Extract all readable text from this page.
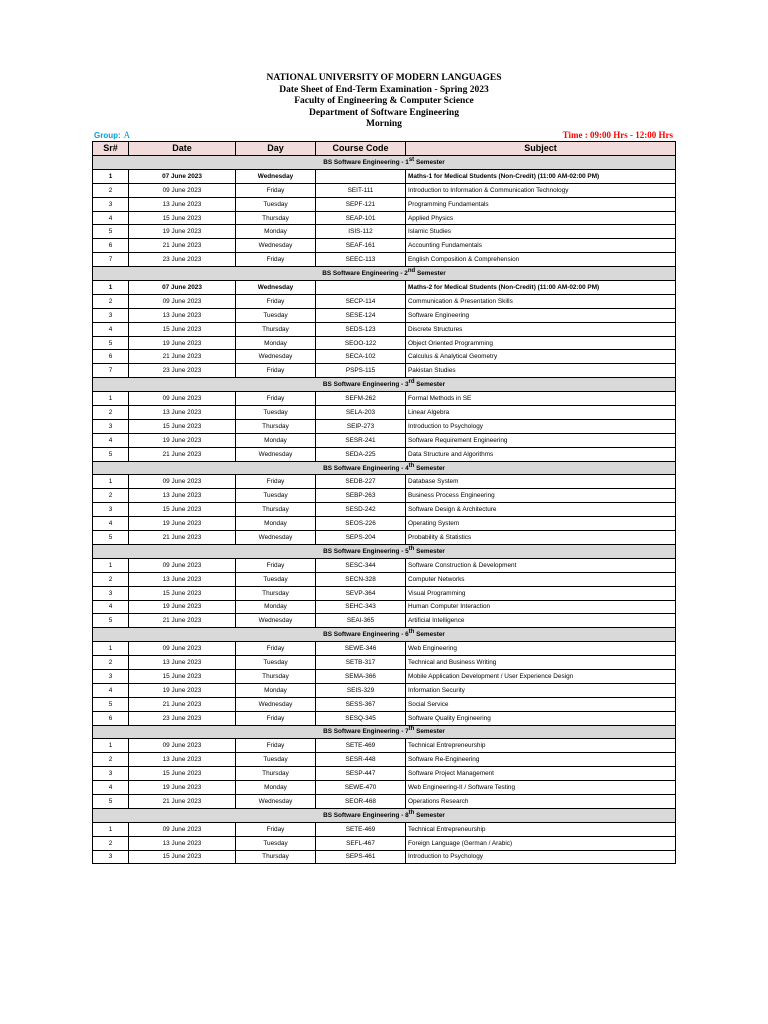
NATIONAL UNIVERSITY OF MODERN LANGUAGES
Date Sheet of End-Term Examination - Spring 2023
Faculty of Engineering & Computer Science
Department of Software Engineering
Morning
Group: A	Time : 09:00 Hrs - 12:00 Hrs
Sr#	Date	Day	Course Code	Subject
BS Software Engineering - 1st Semester				
1	07 June 2023	Wednesday		Maths-1 for Medical Students (Non-Credit) (11:00 AM-02:00 PM)
2	09 June 2023	Friday	SEIT-111	Introduction to Information & Communication Technology
3	13 June 2023	Tuesday	SEPF-121	Programming Fundamentals
4	15 June 2023	Thursday	SEAP-101	Applied Physics
5	19 June 2023	Monday	ISIS-112	Islamic Studies
6	21 June 2023	Wednesday	SEAF-161	Accounting Fundamentals
7	23 June 2023	Friday	SEEC-113	English Composition & Comprehension
BS Software Engineering - 2nd Semester				
1	07 June 2023	Wednesday		Maths-2 for Medical Students (Non-Credit) (11:00 AM-02:00 PM)
2	09 June 2023	Friday	SECP-114	Communication & Presentation Skills
3	13 June 2023	Tuesday	SESE-124	Software Engineering
4	15 June 2023	Thursday	SEDS-123	Discrete Structures
5	19 June 2023	Monday	SEOO-122	Object Oriented Programming
6	21 June 2023	Wednesday	SECA-102	Calculus & Analytical Geometry
7	23 June 2023	Friday	PSPS-115	Pakistan Studies
BS Software Engineering - 3rd Semester				
1	09 June 2023	Friday	SEFM-262	Formal Methods in SE
2	13 June 2023	Tuesday	SELA-203	Linear Algebra
3	15 June 2023	Thursday	SEIP-273	Introduction to Psychology
4	19 June 2023	Monday	SESR-241	Software Requirement Engineering
5	21 June 2023	Wednesday	SEDA-225	Data Structure and Algorithms
BS Software Engineering - 4th Semester				
1	09 June 2023	Friday	SEDB-227	Database System
2	13 June 2023	Tuesday	SEBP-263	Business Process Engineering
3	15 June 2023	Thursday	SESD-242	Software Design & Architecture
4	19 June 2023	Monday	SEOS-226	Operating System
5	21 June 2023	Wednesday	SEPS-204	Probability & Statistics
BS Software Engineering - 5th Semester				
1	09 June 2023	Friday	SESC-344	Software Construction & Development
2	13 June 2023	Tuesday	SECN-328	Computer Networks
3	15 June 2023	Thursday	SEVP-364	Visual Programming
4	19 June 2023	Monday	SEHC-343	Human Computer Interaction
5	21 June 2023	Wednesday	SEAI-365	Artificial Intelligence
BS Software Engineering - 6th Semester				
1	09 June 2023	Friday	SEWE-346	Web Engineering
2	13 June 2023	Tuesday	SETB-317	Technical and Business Writing
3	15 June 2023	Thursday	SEMA-366	Mobile Application Development / User Experience Design
4	19 June 2023	Monday	SEIS-329	Information Security
5	21 June 2023	Wednesday	SESS-367	Social Service
6	23 June 2023	Friday	SESQ-345	Software Quality Engineering
BS Software Engineering - 7th Semester				
1	09 June 2023	Friday	SETE-469	Technical Entrepreneurship
2	13 June 2023	Tuesday	SESR-448	Software Re-Engineering
3	15 June 2023	Thursday	SESP-447	Software Project Management
4	19 June 2023	Monday	SEWE-470	Web Engineering-II / Software Testing
5	21 June 2023	Wednesday	SEOR-468	Operations Research
BS Software Engineering - 8th Semester				
1	09 June 2023	Friday	SETE-469	Technical Entrepreneurship
2	13 June 2023	Tuesday	SEFL-467	Foreign Language (German / Arabic)
3	15 June 2023	Thursday	SEPS-461	Introduction to Psychology
